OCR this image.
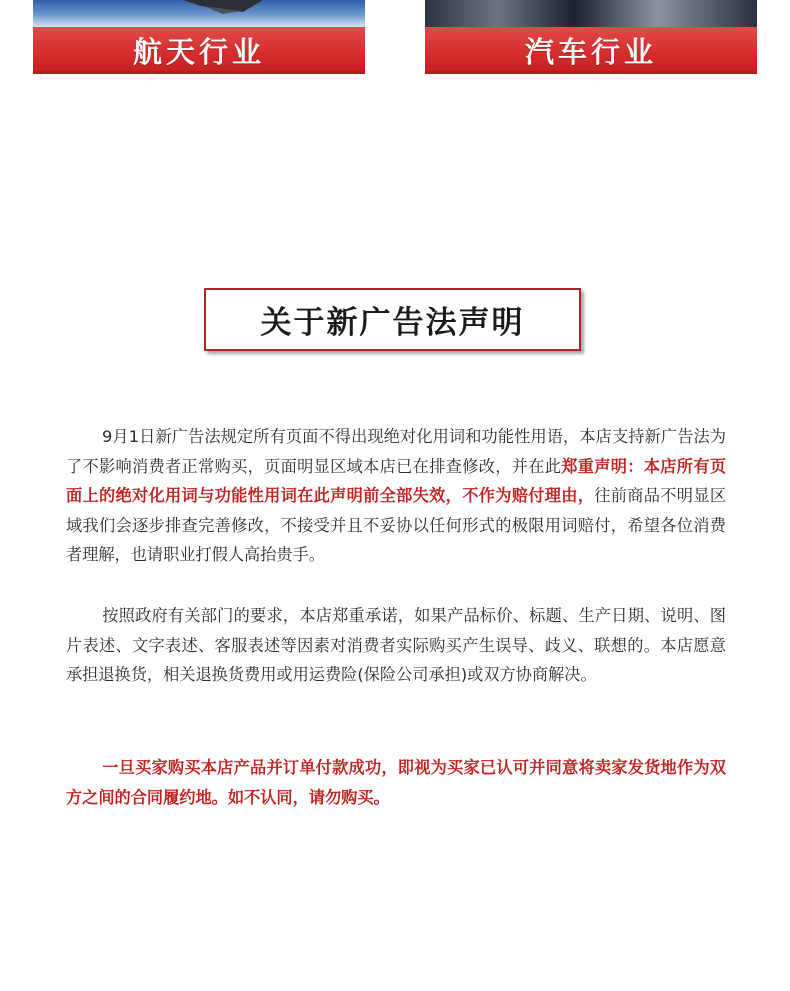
航天行业	汽车行业
关于新广告法声明

9月1日新广告法规定所有页面不得出现绝对化用词和功能性用语，本店支持新广告法为了不影响消费者正常购买，页面明显区域本店已在排查修改，并在此郑重声明：本店所有页面上的绝对化用词与功能性用词在此声明前全部失效，不作为赔付理由，往前商品不明显区域我们会逐步排查完善修改，不接受并且不妥协以任何形式的极限用词赔付，希望各位消费者理解，也请职业打假人高抬贵手。

按照政府有关部门的要求，本店郑重承诺，如果产品标价、标题、生产日期、说明、图片表述、文字表述、客服表述等因素对消费者实际购买产生误导、歧义、联想的。本店愿意承担退换货，相关退换货费用或用运费险(保险公司承担)或双方协商解决。

一旦买家购买本店产品并订单付款成功，即视为买家已认可并同意将卖家发货地作为双方之间的合同履约地。如不认同，请勿购买。
